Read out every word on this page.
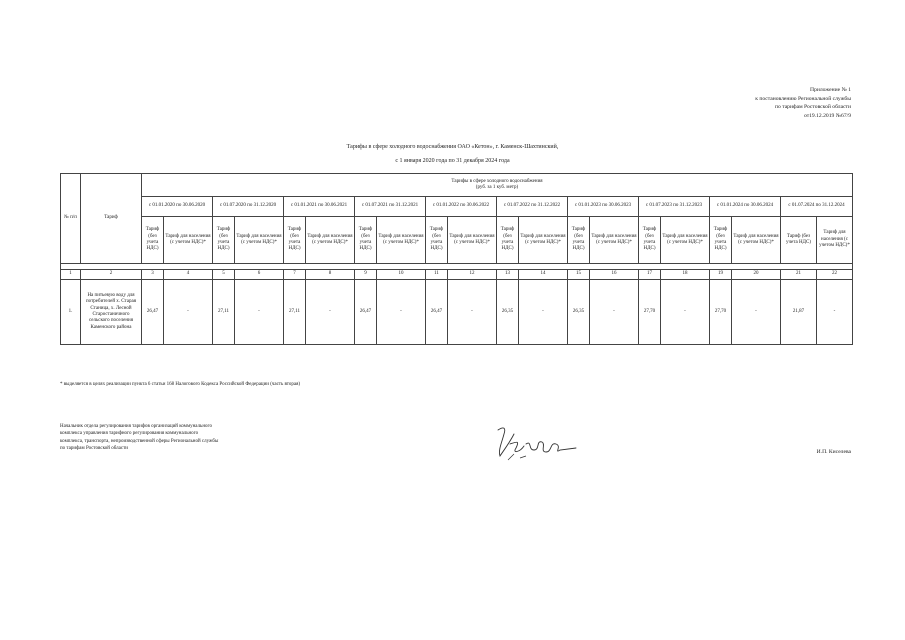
Приложение № 1
к постановлению Региональной службы
по тарифам Ростовской области
от19.12.2019 №67/9
Тарифы в сфере холодного водоснабжения ОАО «Кетон», г. Каменск-Шахтинский,
с 1 января 2020 года по 31 декабря 2024 года
№ п/п	Тариф	Тарифы в сфере холодного водоснабжения
(руб. за 1 куб. метр)																			

		с 01.01.2020 по 30.06.2020		с 01.07.2020 по 31.12.2020		с 01.01.2021 по 30.06.2021		с 01.07.2021 по 31.12.2021		с 01.01.2022 по 30.06.2022		с 01.07.2022 по 31.12.2022		с 01.01.2023 по 30.06.2023		с 01.07.2023 по 31.12.2023		с 01.01.2024 по 30.06.2024		с 01.07.2024 по 31.12.2024	
		Тариф (без учета НДС)	Тариф для населения (с учетом НДС)*	Тариф (без учета НДС)	Тариф для населения (с учетом НДС)*	Тариф (без учета НДС)	Тариф для населения (с учетом НДС)*	Тариф (без учета НДС)	Тариф для населения (с учетом НДС)*	Тариф (без учета НДС)	Тариф для населения (с учетом НДС)*	Тариф (без учета НДС)	Тариф для населения (с учетом НДС)*	Тариф (без учета НДС)	Тариф для населения (с учетом НДС)*	Тариф (без учета НДС)	Тариф для населения (с учетом НДС)*	Тариф (без учета НДС)	Тариф для населения (с учетом НДС)*	Тариф (без учета НДС)	Тариф для населения (с учетом НДС)*

1	2	3	4	5	6	7	8	9	10	11	12	13	14	15	16	17	18	19	20	21	22
1.	На питьевую воду для потребителей х. Старая Станица, х. Лесной Старостаничного сельского поселения Каменского района	26,47	-	27,11	-	27,11	-	26,47	-	26,47	-	26,35	-	26,35	-	27,70	-	27,70	-	21,87	-
* выделяется в целях реализации пункта 6 статьи 168 Налогового Кодекса Российской Федерации (часть вторая)
Начальник отдела регулирования тарифов организаций коммунального
комплекса управления тарифного регулирования коммунального
комплекса, транспорта, непроизводственной сферы Региональной службы
по тарифам Ростовской области
И.П. Киселева
